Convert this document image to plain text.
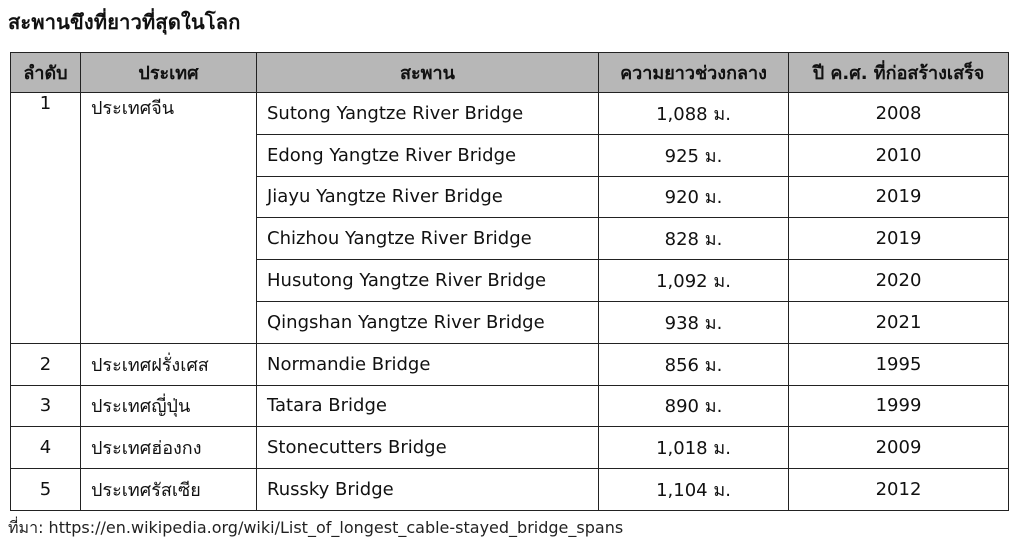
สะพานขึงที่ยาวที่สุดในโลก
ลำดับ	ประเทศ	สะพาน	ความยาวช่วงกลาง	ปี ค.ศ. ที่ก่อสร้างเสร็จ
1	ประเทศจีน	Sutong Yangtze River Bridge	1,088 ม.	2008
		Edong Yangtze River Bridge	925 ม.	2010
		Jiayu Yangtze River Bridge	920 ม.	2019
		Chizhou Yangtze River Bridge	828 ม.	2019
		Husutong Yangtze River Bridge	1,092 ม.	2020
		Qingshan Yangtze River Bridge	938 ม.	2021
2	ประเทศฝรั่งเศส	Normandie Bridge	856 ม.	1995
3	ประเทศญี่ปุ่น	Tatara Bridge	890 ม.	1999
4	ประเทศฮ่องกง	Stonecutters Bridge	1,018 ม.	2009
5	ประเทศรัสเซีย	Russky Bridge	1,104 ม.	2012
ที่มา: https://en.wikipedia.org/wiki/List_of_longest_cable-stayed_bridge_spans
